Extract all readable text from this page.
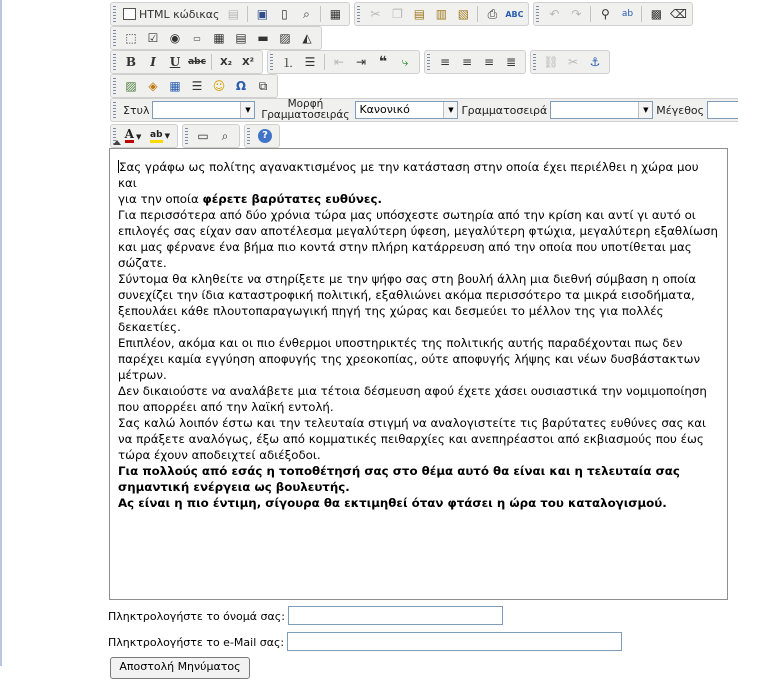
HTML κώδικας ▤	▣	▯	⌕	▦	✂ ❐ ▤ ▥ ▧	⎙	ABC	↶ ↷	⚲	ab	▩ ⌫
⬚ ☑ ◉	▭	▦ ▤ ▬ ▨ ◭
B I U abc X₂ X²	⒈ ☰	⇤ ⇥ ❝	⤷	≡ ≡ ≡ ≣	⛓ ✂ ⚓
▨ ◈ ▦ ☰ ☺ Ω	⧉
Στυλ	▼	Μορφή Γραμματοσειράς Κανονικό	▼ Γραμματοσειρά	▼ Μέγεθος
A ▼ ab ▼	▭	⌕	?

Σας γράφω ως πολίτης αγανακτισμένος με την κατάσταση στην οποία έχει περιέλθει η χώρα μου και
για την οποία φέρετε βαρύτατες ευθύνες.

Για περισσότερα από δύο χρόνια τώρα μας υπόσχεστε σωτηρία από την κρίση και αντί γι αυτό οι επιλογές σας είχαν σαν αποτέλεσμα μεγαλύτερη ύφεση, μεγαλύτερη φτώχια, μεγαλύτερη εξαθλίωση και μας φέρνανε ένα βήμα πιο κοντά στην πλήρη κατάρρευση από την οποία που υποτίθεται μας σώζατε.

Σύντομα θα κληθείτε να στηρίξετε με την ψήφο σας στη βουλή άλλη μια διεθνή σύμβαση η οποία συνεχίζει την ίδια καταστροφική πολιτική, εξαθλιώνει ακόμα περισσότερο τα μικρά εισοδήματα, ξεπουλάει κάθε πλουτοπαραγωγική πηγή της χώρας και δεσμεύει το μέλλον της για πολλές δεκαετίες.

Επιπλέον, ακόμα και οι πιο ένθερμοι υποστηρικτές της πολιτικής αυτής παραδέχονται πως δεν παρέχει καμία εγγύηση αποφυγής της χρεοκοπίας, ούτε αποφυγής λήψης και νέων δυσβάστακτων μέτρων.

Δεν δικαιούστε να αναλάβετε μια τέτοια δέσμευση αφού έχετε χάσει ουσιαστικά την νομιμοποίηση που απορρέει από την λαϊκή εντολή.

Σας καλώ λοιπόν έστω και την τελευταία στιγμή να αναλογιστείτε τις βαρύτατες ευθύνες σας και να πράξετε αναλόγως, έξω από κομματικές πειθαρχίες και ανεπηρέαστοι από εκβιασμούς που έως τώρα έχουν αποδειχτεί αδιέξοδοι.

Για πολλούς από εσάς η τοποθέτησή σας στο θέμα αυτό θα είναι και η τελευταία σας σημαντική ενέργεια ως βουλευτής.

Ας είναι η πιο έντιμη, σίγουρα θα εκτιμηθεί όταν φτάσει η ώρα του καταλογισμού.

Πληκτρολογήστε το όνομά σας:
Πληκτρολογήστε το e-Mail σας:
Αποστολή Μηνύματος
